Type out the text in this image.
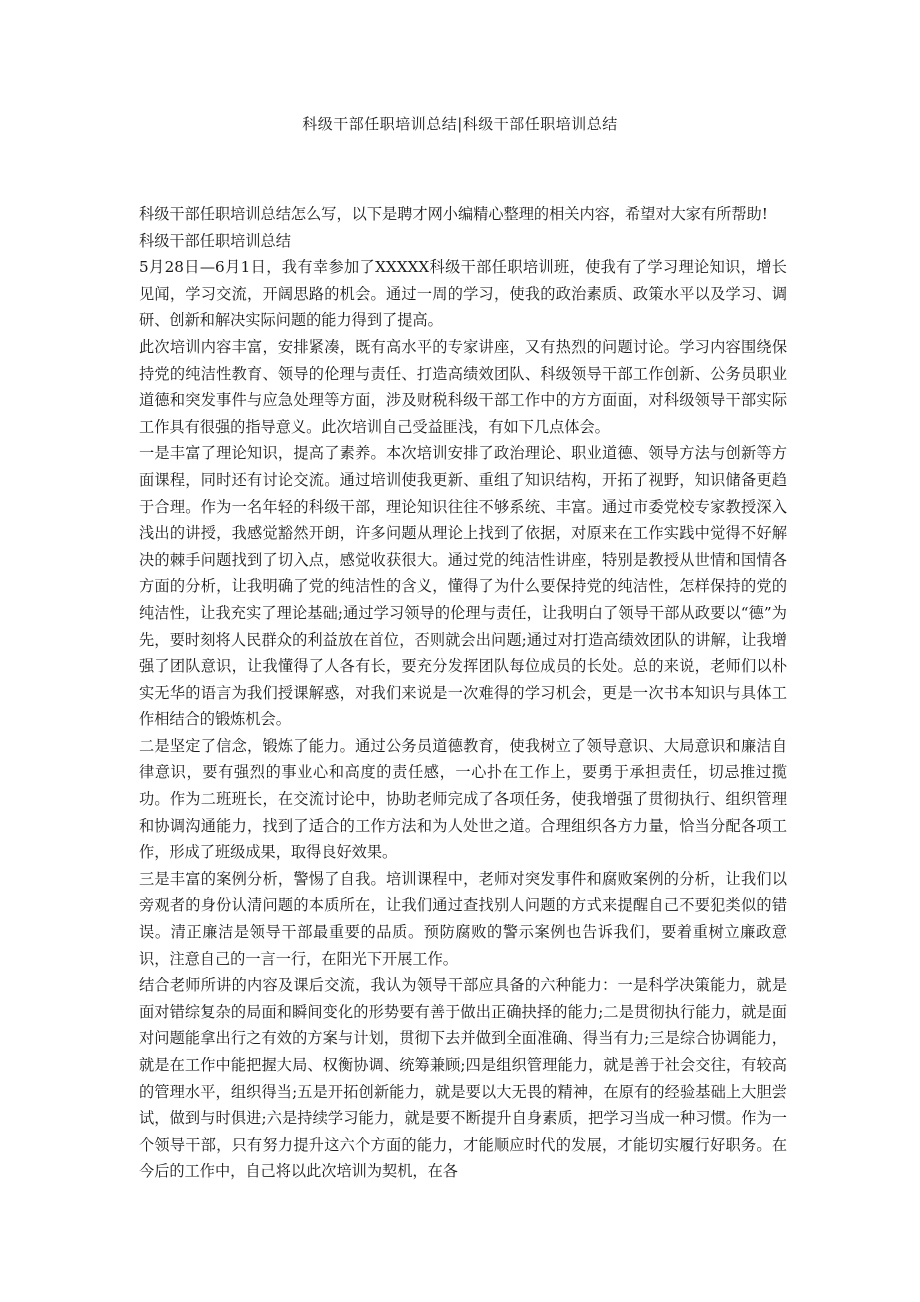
科级干部任职培训总结|科级干部任职培训总结

科级干部任职培训总结怎么写，以下是聘才网小编精心整理的相关内容，希望对大家有所帮助!

科级干部任职培训总结

5月28日—6月1日，我有幸参加了XXXXX科级干部任职培训班，使我有了学习理论知识，增长见闻，学习交流，开阔思路的机会。通过一周的学习，使我的政治素质、政策水平以及学习、调研、创新和解决实际问题的能力得到了提高。

此次培训内容丰富，安排紧凑，既有高水平的专家讲座，又有热烈的问题讨论。学习内容围绕保持党的纯洁性教育、领导的伦理与责任、打造高绩效团队、科级领导干部工作创新、公务员职业道德和突发事件与应急处理等方面，涉及财税科级干部工作中的方方面面，对科级领导干部实际工作具有很强的指导意义。此次培训自己受益匪浅，有如下几点体会。

一是丰富了理论知识，提高了素养。本次培训安排了政治理论、职业道德、领导方法与创新等方面课程，同时还有讨论交流。通过培训使我更新、重组了知识结构，开拓了视野，知识储备更趋于合理。作为一名年轻的科级干部，理论知识往往不够系统、丰富。通过市委党校专家教授深入浅出的讲授，我感觉豁然开朗，许多问题从理论上找到了依据，对原来在工作实践中觉得不好解决的棘手问题找到了切入点，感觉收获很大。通过党的纯洁性讲座，特别是教授从世情和国情各方面的分析，让我明确了党的纯洁性的含义，懂得了为什么要保持党的纯洁性，怎样保持的党的纯洁性，让我充实了理论基础;通过学习领导的伦理与责任，让我明白了领导干部从政要以“德”为先，要时刻将人民群众的利益放在首位，否则就会出问题;通过对打造高绩效团队的讲解，让我增强了团队意识，让我懂得了人各有长，要充分发挥团队每位成员的长处。总的来说，老师们以朴实无华的语言为我们授课解惑，对我们来说是一次难得的学习机会，更是一次书本知识与具体工作相结合的锻炼机会。

二是坚定了信念，锻炼了能力。通过公务员道德教育，使我树立了领导意识、大局意识和廉洁自律意识，要有强烈的事业心和高度的责任感，一心扑在工作上，要勇于承担责任，切忌推过揽功。作为二班班长，在交流讨论中，协助老师完成了各项任务，使我增强了贯彻执行、组织管理和协调沟通能力，找到了适合的工作方法和为人处世之道。合理组织各方力量，恰当分配各项工作，形成了班级成果，取得良好效果。

三是丰富的案例分析，警惕了自我。培训课程中，老师对突发事件和腐败案例的分析，让我们以旁观者的身份认清问题的本质所在，让我们通过查找别人问题的方式来提醒自己不要犯类似的错误。清正廉洁是领导干部最重要的品质。预防腐败的警示案例也告诉我们，要着重树立廉政意识，注意自己的一言一行，在阳光下开展工作。

结合老师所讲的内容及课后交流，我认为领导干部应具备的六种能力：一是科学决策能力，就是面对错综复杂的局面和瞬间变化的形势要有善于做出正确抉择的能力;二是贯彻执行能力，就是面对问题能拿出行之有效的方案与计划，贯彻下去并做到全面准确、得当有力;三是综合协调能力，就是在工作中能把握大局、权衡协调、统筹兼顾;四是组织管理能力，就是善于社会交往，有较高的管理水平，组织得当;五是开拓创新能力，就是要以大无畏的精神，在原有的经验基础上大胆尝试，做到与时俱进;六是持续学习能力，就是要不断提升自身素质，把学习当成一种习惯。作为一个领导干部，只有努力提升这六个方面的能力，才能顺应时代的发展，才能切实履行好职务。在今后的工作中，自己将以此次培训为契机，在各
